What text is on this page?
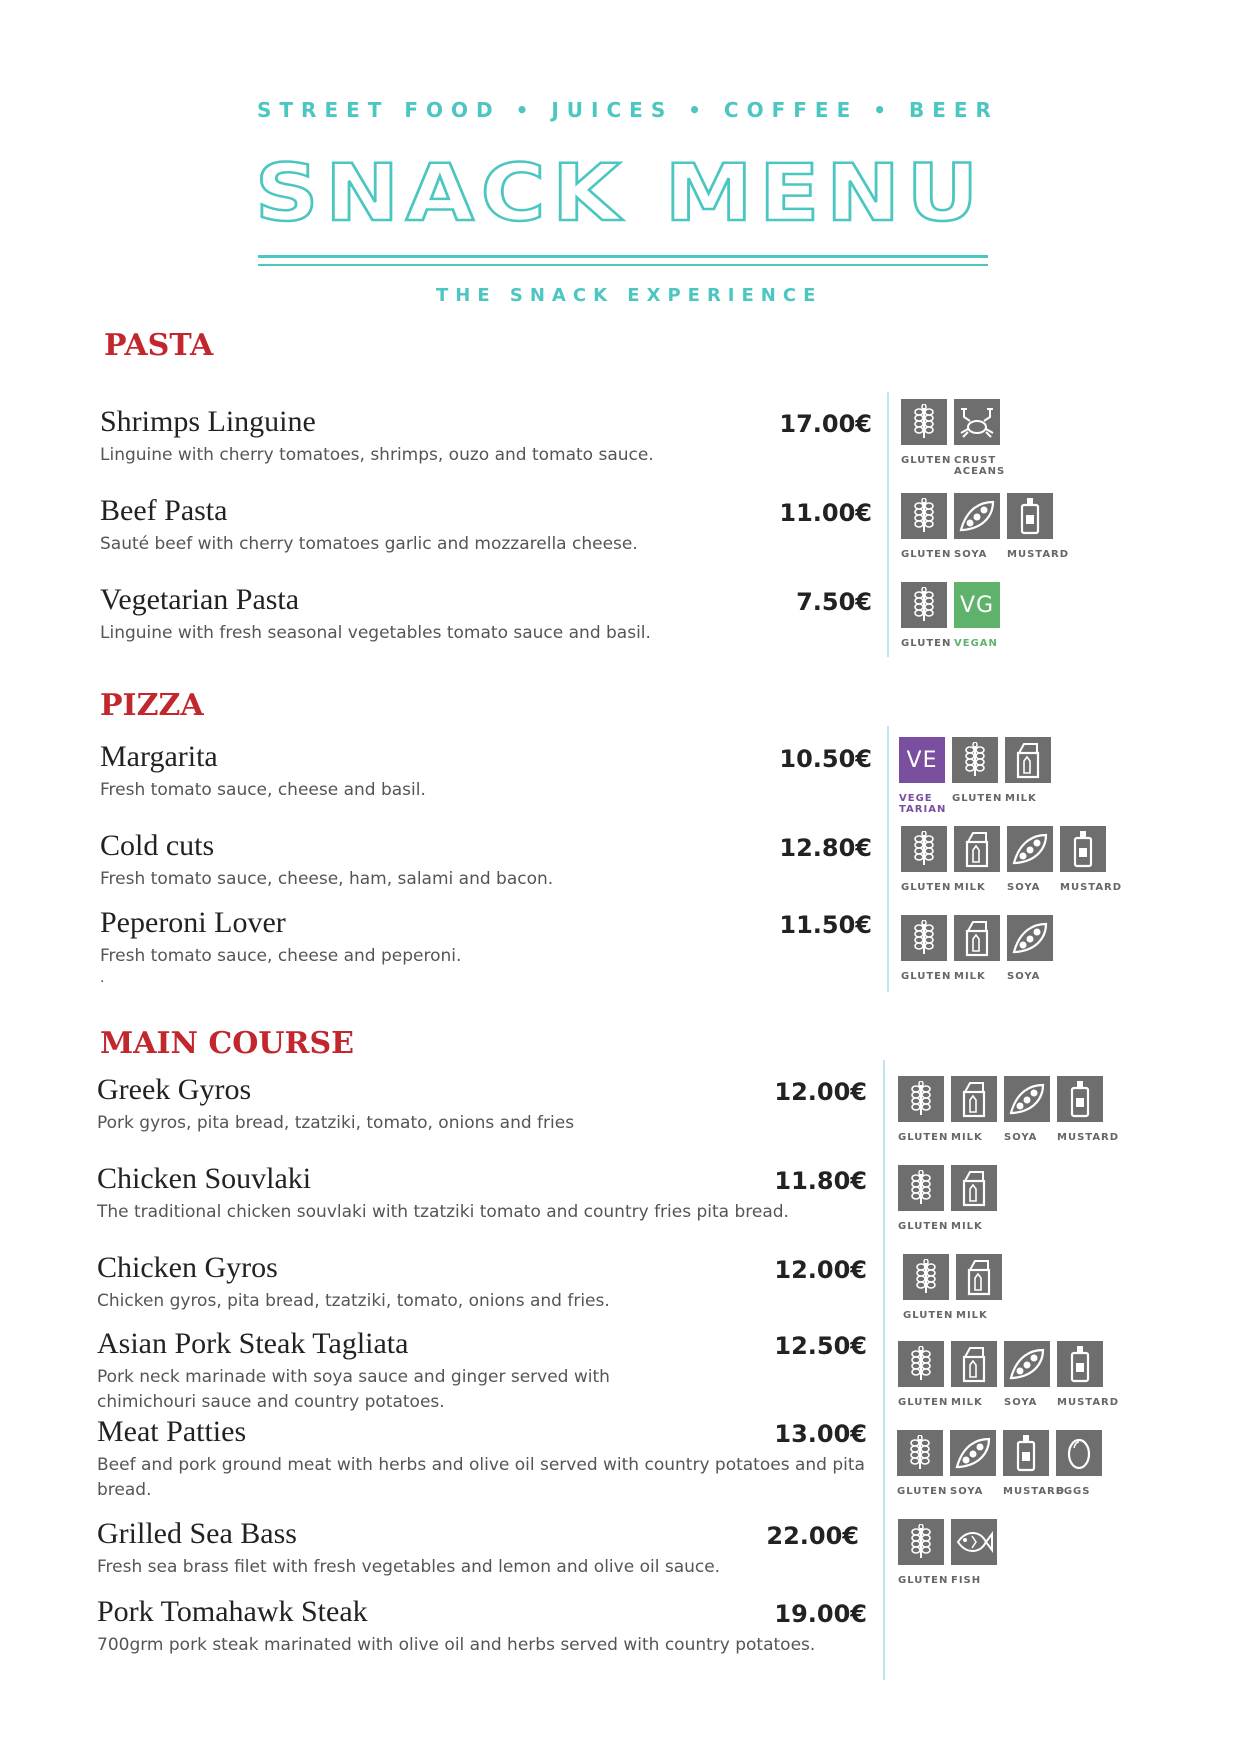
STREET FOOD • JUICES • COFFEE • BEER
SNACK MENU
THE SNACK EXPERIENCE
PASTA
Shrimps Linguine
Linguine with cherry tomatoes, shrimps, ouzo and tomato sauce.
17.00€
Beef Pasta
Sauté beef with cherry tomatoes garlic and mozzarella cheese.
11.00€
Vegetarian Pasta
Linguine with fresh seasonal vegetables tomato sauce and basil.
7.50€
PIZZA
Margarita
Fresh tomato sauce, cheese and basil.
10.50€
Cold cuts
Fresh tomato sauce, cheese, ham, salami and bacon.
12.80€
Peperoni Lover
Fresh tomato sauce, cheese and peperoni.
11.50€
.
MAIN COURSE
Greek Gyros
Pork gyros, pita bread, tzatziki, tomato, onions and fries
12.00€
Chicken Souvlaki
The traditional chicken souvlaki with tzatziki tomato and country fries pita bread.
11.80€
Chicken Gyros
Chicken gyros, pita bread, tzatziki, tomato, onions and fries.
12.00€
Asian Pork Steak Tagliata
Pork neck marinade with soya sauce and ginger served with chimichouri sauce and country potatoes.
12.50€
Meat Patties
Beef and pork ground meat with herbs and olive oil served with country potatoes and pita bread.
13.00€
Grilled Sea Bass
Fresh sea brass filet with fresh vegetables and lemon and olive oil sauce.
22.00€
Pork Tomahawk Steak
700grm pork steak marinated with olive oil and herbs served with country potatoes.
19.00€
GLUTEN CRUST
ACEANS
GLUTEN SOYA	MUSTARD
GLUTEN
VG
VEGAN
VE
VEGE
TARIAN
GLUTEN MILK
GLUTEN MILK	SOYA	MUSTARD
GLUTEN MILK	SOYA
GLUTEN MILK	SOYA	MUSTARD
GLUTEN MILK
GLUTEN MILK
GLUTEN MILK	SOYA	MUSTARD
GLUTEN SOYA	MUSTARD
EGGS
GLUTEN FISH
